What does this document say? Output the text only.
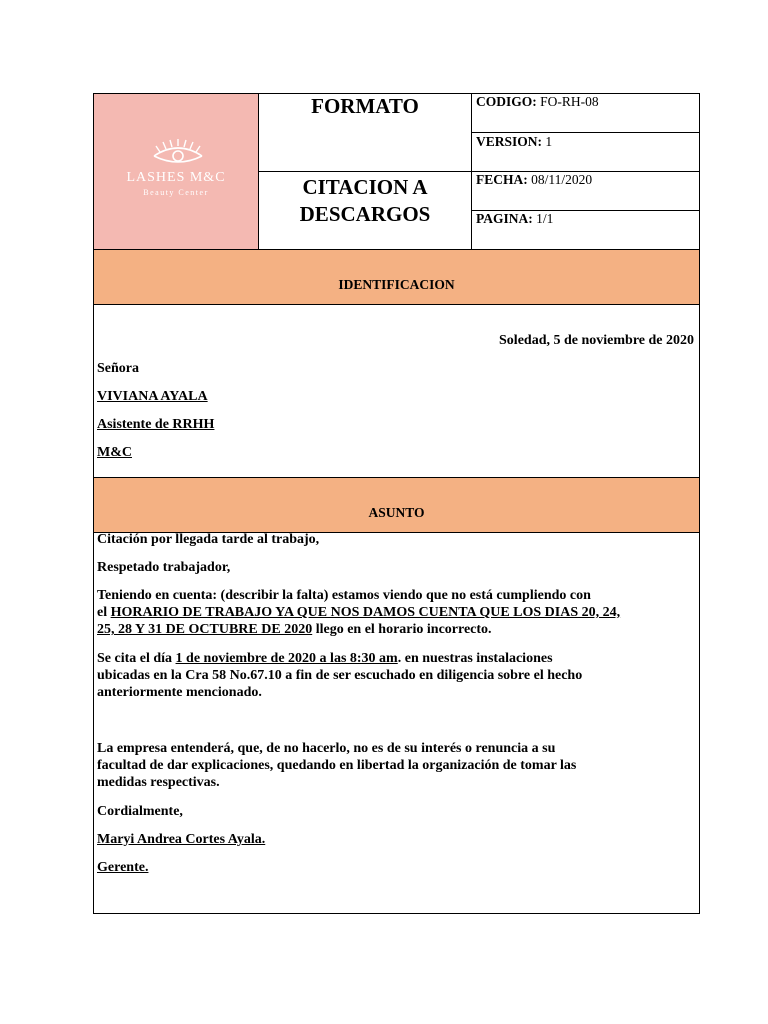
LASHES M&C
Beauty Center
FORMATO
CITACION A
DESCARGOS
CODIGO: FO-RH-08
VERSION: 1
FECHA: 08/11/2020
PAGINA: 1/1
IDENTIFICACION
Soledad, 5 de noviembre de 2020
Señora
VIVIANA AYALA
Asistente de RRHH
M&C
ASUNTO
Citación por llegada tarde al trabajo,
Respetado trabajador,
Teniendo en cuenta: (describir la falta) estamos viendo que no está cumpliendo con
el HORARIO DE TRABAJO YA QUE NOS DAMOS CUENTA QUE LOS DIAS 20, 24,
25, 28 Y 31 DE OCTUBRE DE 2020 llego en el horario incorrecto.
Se cita el día 1 de noviembre de 2020 a las 8:30 am. en nuestras instalaciones
ubicadas en la Cra 58 No.67.10 a fin de ser escuchado en diligencia sobre el hecho
anteriormente mencionado.
La empresa entenderá, que, de no hacerlo, no es de su interés o renuncia a su
facultad de dar explicaciones, quedando en libertad la organización de tomar las
medidas respectivas.
Cordialmente,
Maryi Andrea Cortes Ayala.
Gerente.
